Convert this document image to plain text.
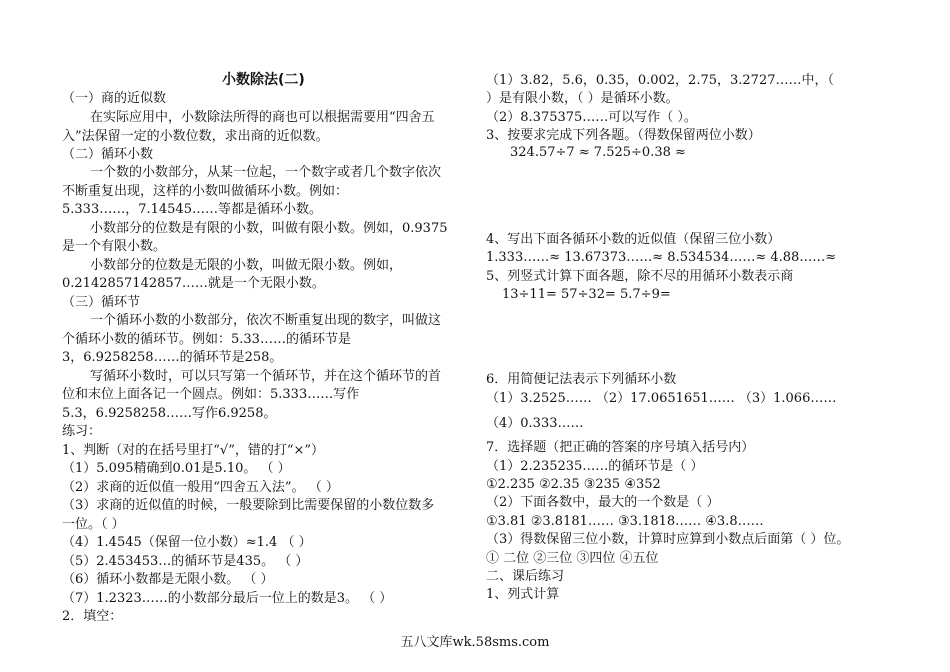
小数除法(二)
（一）商的近似数
在实际应用中，小数除法所得的商也可以根据需要用“四舍五
入”法保留一定的小数位数，求出商的近似数。
（二）循环小数
一个数的小数部分，从某一位起，一个数字或者几个数字依次
不断重复出现，这样的小数叫做循环小数。例如：
5.333……，7.14545……等都是循环小数。
小数部分的位数是有限的小数，叫做有限小数。例如，0.9375
是一个有限小数。
小数部分的位数是无限的小数，叫做无限小数。例如，
0.2142857142857……就是一个无限小数。
（三）循环节
一个循环小数的小数部分，依次不断重复出现的数字，叫做这
个循环小数的循环节。例如：5.33……的循环节是
3，6.9258258……的循环节是258。
写循环小数时，可以只写第一个循环节，并在这个循环节的首
位和末位上面各记一个圆点。例如：5.333……写作
5.3，6.9258258……写作6.9258。
练习：
1、判断（对的在括号里打“√”，错的打“×”）
（1）5.095精确到0.01是5.10。 （ ）
（2）求商的近似值一般用“四舍五入法”。 （ ）
（3）求商的近似值的时候，一般要除到比需要保留的小数位数多
一位。（ ）
（4）1.4545（保留一位小数）≈1.4 （ ）
（5）2.453453…的循环节是435。 （ ）
（6）循环小数都是无限小数。 （ ）
（7）1.2323……的小数部分最后一位上的数是3。 （ ）
2．填空：
（1）3.82，5.6，0.35，0.002，2.75，3.2727……中，（
）是有限小数，（ ）是循环小数。
（2）8.375375……可以写作（ ）。
3、按要求完成下列各题。（得数保留两位小数）
324.57÷7 ≈ 7.525÷0.38 ≈
4、写出下面各循环小数的近似值（保留三位小数）
1.333……≈ 13.67373……≈ 8.534534……≈ 4.88……≈
5、列竖式计算下面各题，除不尽的用循环小数表示商
13÷11= 57÷32= 5.7÷9=
6．用简便记法表示下列循环小数
（1）3.2525…… （2）17.0651651…… （3）1.066……
（4）0.333……
7．选择题（把正确的答案的序号填入括号内）
（1）2.235235……的循环节是（ ）
①2.235 ②2.35 ③235 ④352
（2）下面各数中，最大的一个数是（ ）
①3.81 ②3.8181…… ③3.1818…… ④3.8……
（3）得数保留三位小数，计算时应算到小数点后面第（ ）位。
① 二位 ②三位 ③四位 ④五位
二、课后练习
1、列式计算
五八文库wk.58sms.com
